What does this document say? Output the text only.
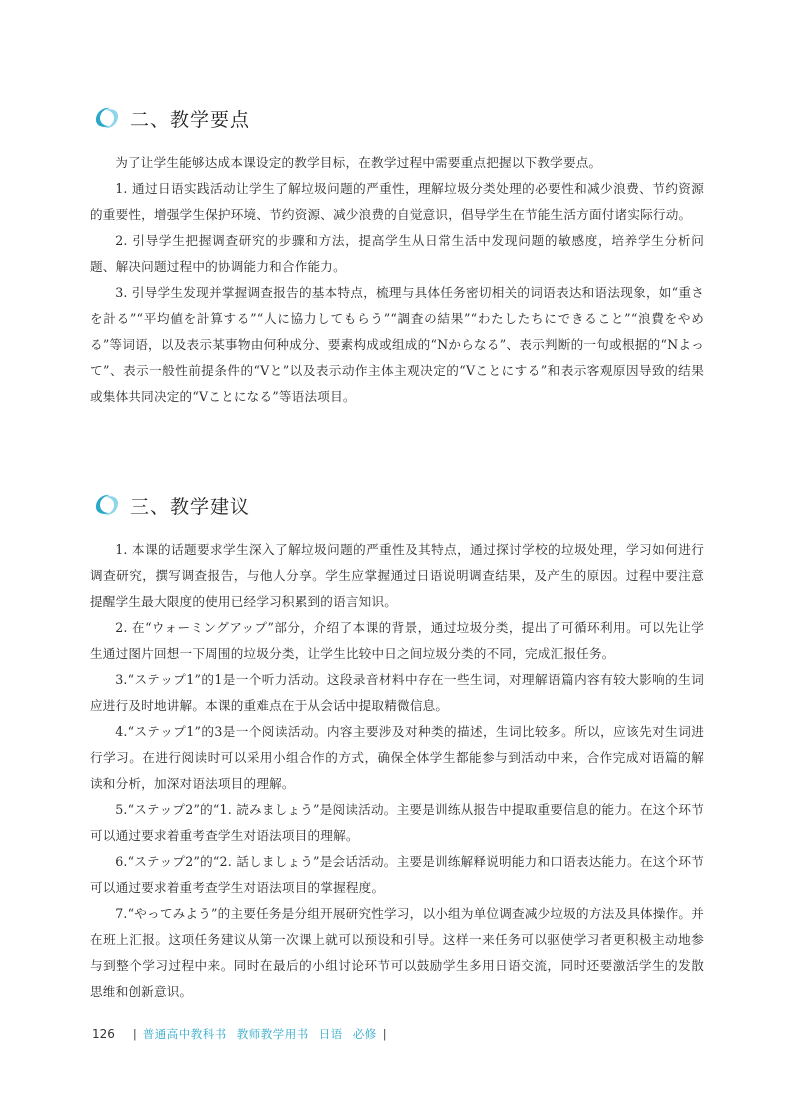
二、教学要点

为了让学生能够达成本课设定的教学目标，在教学过程中需要重点把握以下教学要点。

1. 通过日语实践活动让学生了解垃圾问题的严重性，理解垃圾分类处理的必要性和减少浪费、节约资源的重要性，增强学生保护环境、节约资源、减少浪费的自觉意识，倡导学生在节能生活方面付诸实际行动。

2. 引导学生把握调查研究的步骤和方法，提高学生从日常生活中发现问题的敏感度，培养学生分析问题、解决问题过程中的协调能力和合作能力。

3. 引导学生发现并掌握调查报告的基本特点，梳理与具体任务密切相关的词语表达和语法现象，如“重さを計る”“平均値を計算する”“人に協力してもらう”“調査の結果”“わたしたちにできること”“浪費をやめる”等词语，以及表示某事物由何种成分、要素构成或组成的“Nからなる”、表示判断的一句或根据的“Nよって”、表示一般性前提条件的“Vと”以及表示动作主体主观决定的“Vことにする”和表示客观原因导致的结果或集体共同决定的“Vことになる”等语法项目。

三、教学建议

1. 本课的话题要求学生深入了解垃圾问题的严重性及其特点，通过探讨学校的垃圾处理，学习如何进行调查研究，撰写调查报告，与他人分享。学生应掌握通过日语说明调查结果，及产生的原因。过程中要注意提醒学生最大限度的使用已经学习积累到的语言知识。

2. 在“ウォーミングアップ”部分，介绍了本课的背景，通过垃圾分类，提出了可循环利用。可以先让学生通过图片回想一下周围的垃圾分类，让学生比较中日之间垃圾分类的不同，完成汇报任务。

3.“ステップ1”的1是一个听力活动。这段录音材料中存在一些生词，对理解语篇内容有较大影响的生词应进行及时地讲解。本课的重难点在于从会话中提取精微信息。

4.“ステップ1”的3是一个阅读活动。内容主要涉及对种类的描述，生词比较多。所以，应该先对生词进行学习。在进行阅读时可以采用小组合作的方式，确保全体学生都能参与到活动中来，合作完成对语篇的解读和分析，加深对语法项目的理解。

5.“ステップ2”的“1. 読みましょう”是阅读活动。主要是训练从报告中提取重要信息的能力。在这个环节可以通过要求着重考查学生对语法项目的理解。

6.“ステップ2”的“2. 話しましょう”是会话活动。主要是训练解释说明能力和口语表达能力。在这个环节可以通过要求着重考查学生对语法项目的掌握程度。

7.“やってみよう”的主要任务是分组开展研究性学习，以小组为单位调查减少垃圾的方法及具体操作。并在班上汇报。这项任务建议从第一次课上就可以预设和引导。这样一来任务可以驱使学习者更积极主动地参与到整个学习过程中来。同时在最后的小组讨论环节可以鼓励学生多用日语交流，同时还要激活学生的发散思维和创新意识。

126 | 普通高中教科书 教师教学用书 日语 必修 |
